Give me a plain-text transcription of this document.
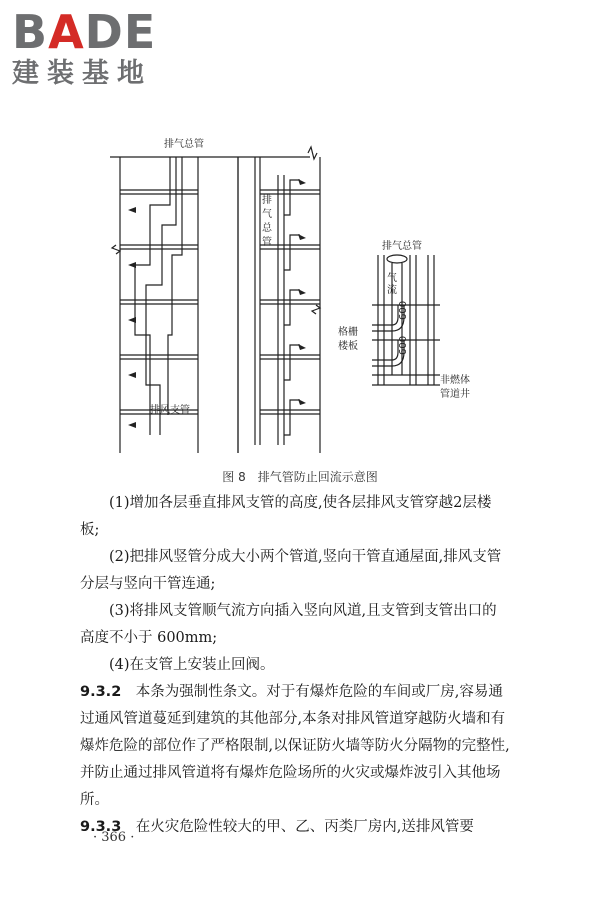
BADE
建装基地
排气总管
排
气
总
管
排风支管
排气总管
气
流
600
600
格栅
楼板
非燃体
管道井
图 8　排气管防止回流示意图

(1)增加各层垂直排风支管的高度,使各层排风支管穿越2层楼板;

(2)把排风竖管分成大小两个管道,竖向干管直通屋面,排风支管分层与竖向干管连通;

(3)将排风支管顺气流方向插入竖向风道,且支管到支管出口的高度不小于 600mm;

(4)在支管上安装止回阀。

9.3.2　 本条为强制性条文。对于有爆炸危险的车间或厂房,容易通过通风管道蔓延到建筑的其他部分,本条对排风管道穿越防火墙和有爆炸危险的部位作了严格限制,以保证防火墙等防火分隔物的完整性,并防止通过排风管道将有爆炸危险场所的火灾或爆炸波引入其他场所。

9.3.3　 在火灾危险性较大的甲、乙、丙类厂房内,送排风管要

· 366 ·
